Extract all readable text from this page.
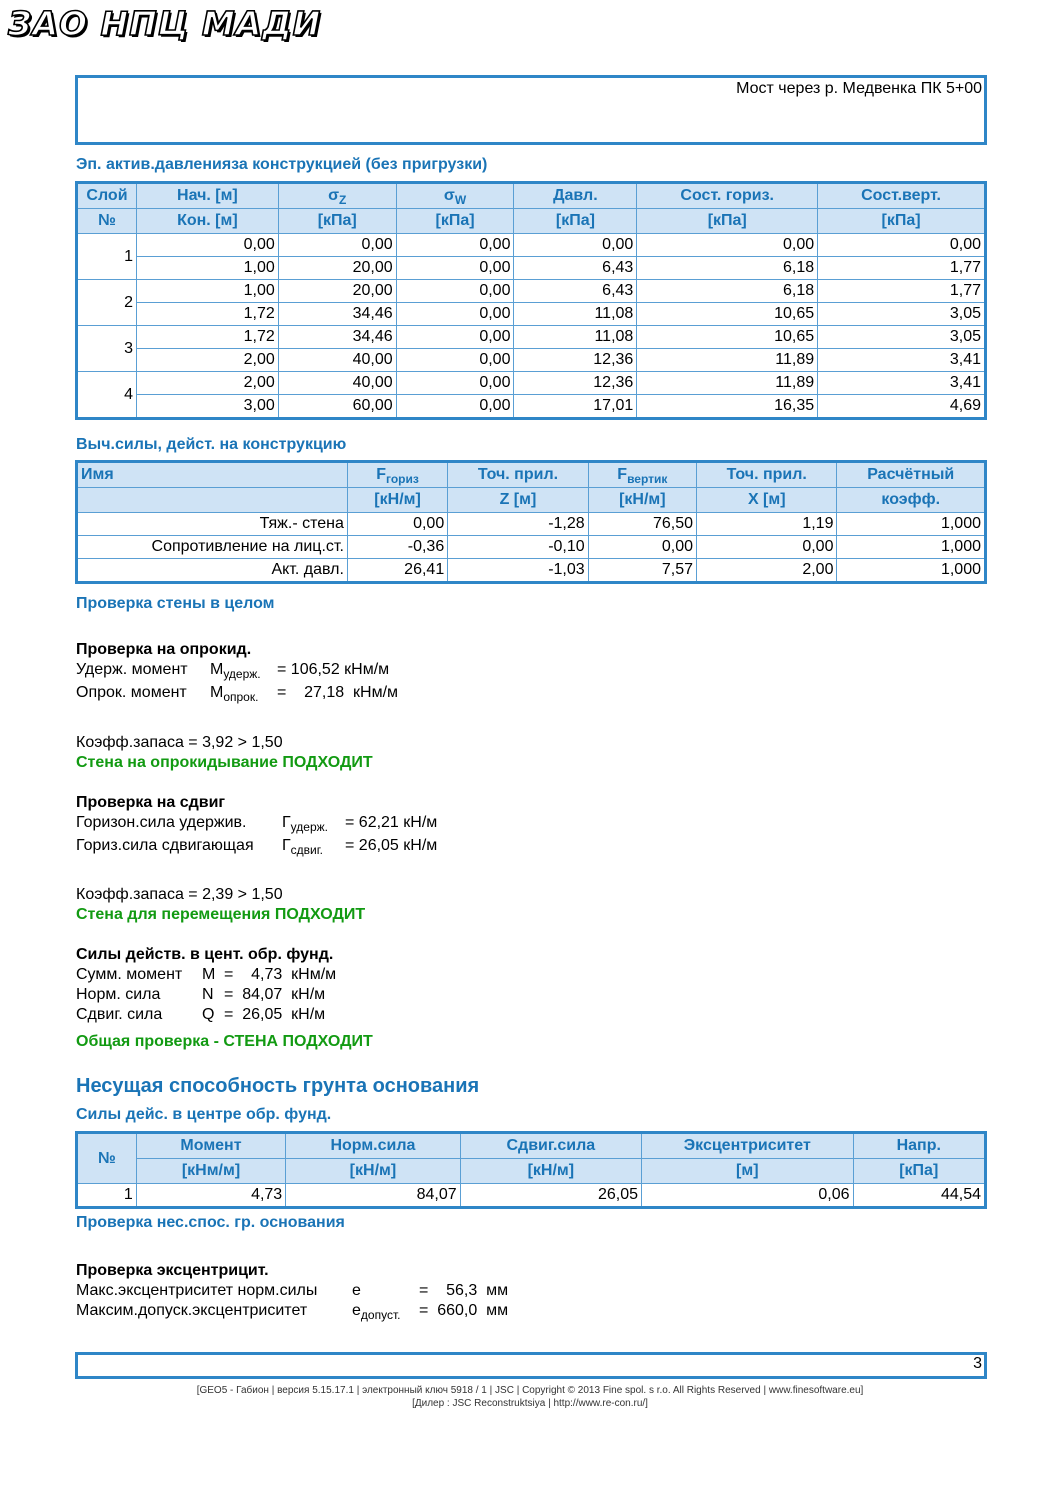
ЗАО НПЦ МАДИ
Мост через р. Медвенка ПК 5+00
Эп. актив.давленияза конструкцией (без пригрузки)
Слой	Нач. [м]	$\sigma_Z$	$\sigma_W$	Давл.	Сост. гориз.	Сост.верт.
№	Кон. [м]	[кПа]	[кПа]	[кПа]	[кПа]	[кПа]
1	0,00	0,00	0,00	0,00	0,00	0,00
	1,00	20,00	0,00	6,43	6,18	1,77
2	1,00	20,00	0,00	6,43	6,18	1,77
	1,72	34,46	0,00	11,08	10,65	3,05
3	1,72	34,46	0,00	11,08	10,65	3,05
	2,00	40,00	0,00	12,36	11,89	3,41
4	2,00	40,00	0,00	12,36	11,89	3,41
	3,00	60,00	0,00	17,01	16,35	4,69
Выч.силы, дейст. на конструкцию
Имя	$F_{гориз}$	Точ. прил.	$F_{вертик}$	Точ. прил.	Расчётный
	[кН/м]	Z [м]	[кН/м]	X [м]	коэфф.
Тяж.- стена	0,00	-1,28	76,50	1,19	1,000
Сопротивление на лиц.ст.	-0,36	-0,10	0,00	0,00	1,000
Акт. давл.	26,41	-1,03	7,57	2,00	1,000
Проверка стены в целом
Проверка на опрокид.
Удерж. момент $M_{удерж.} = 106,52$ кНм/м
Опрок. момент $M_{опрок.}$ =    27,18  кНм/м
Коэфф.запаса = 3,92 > 1,50
Стена на опрокидывание ПОДХОДИТ
Проверка на сдвиг
Горизон.сила удержив. $Г_{удерж.} = 62,21$ кН/м
Гориз.сила сдвигающая $Г_{сдвиг.} = 26,05$ кН/м
Коэфф.запаса = 2,39 > 1,50
Стена для перемещения ПОДХОДИТ
Силы действ. в цент. обр. фунд.
Сумм. момент M =    4,73  кНм/м
Норм. сила	N =  84,07  кН/м
Сдвиг. сила Q =  26,05  кН/м
Общая проверка - СТЕНА ПОДХОДИТ
Несущая способность грунта основания
Силы дейс. в центре обр. фунд.
№	Момент	Норм.сила	Сдвиг.сила	Эксцентриситет	Напр.
	[кНм/м]	[кН/м]	[кН/м]	[м]	[кПа]
1	4,73	84,07	26,05	0,06	44,54
Проверка нес.спос. гр. основания
Проверка эксцентрицит.
Макс.эксцентриситет норм.силы e	=    56,3  мм
Максим.допуск.эксцентриситет	$e_{допуст.} = 660,0$  мм
3
[GEO5 - Габион | версия 5.15.17.1 | электронный ключ 5918 / 1 | JSC | Copyright © 2013 Fine spol. s r.o. All Rights Reserved | www.finesoftware.eu]
[Дилер : JSC Reconstruktsiya | http://www.re-con.ru/]
